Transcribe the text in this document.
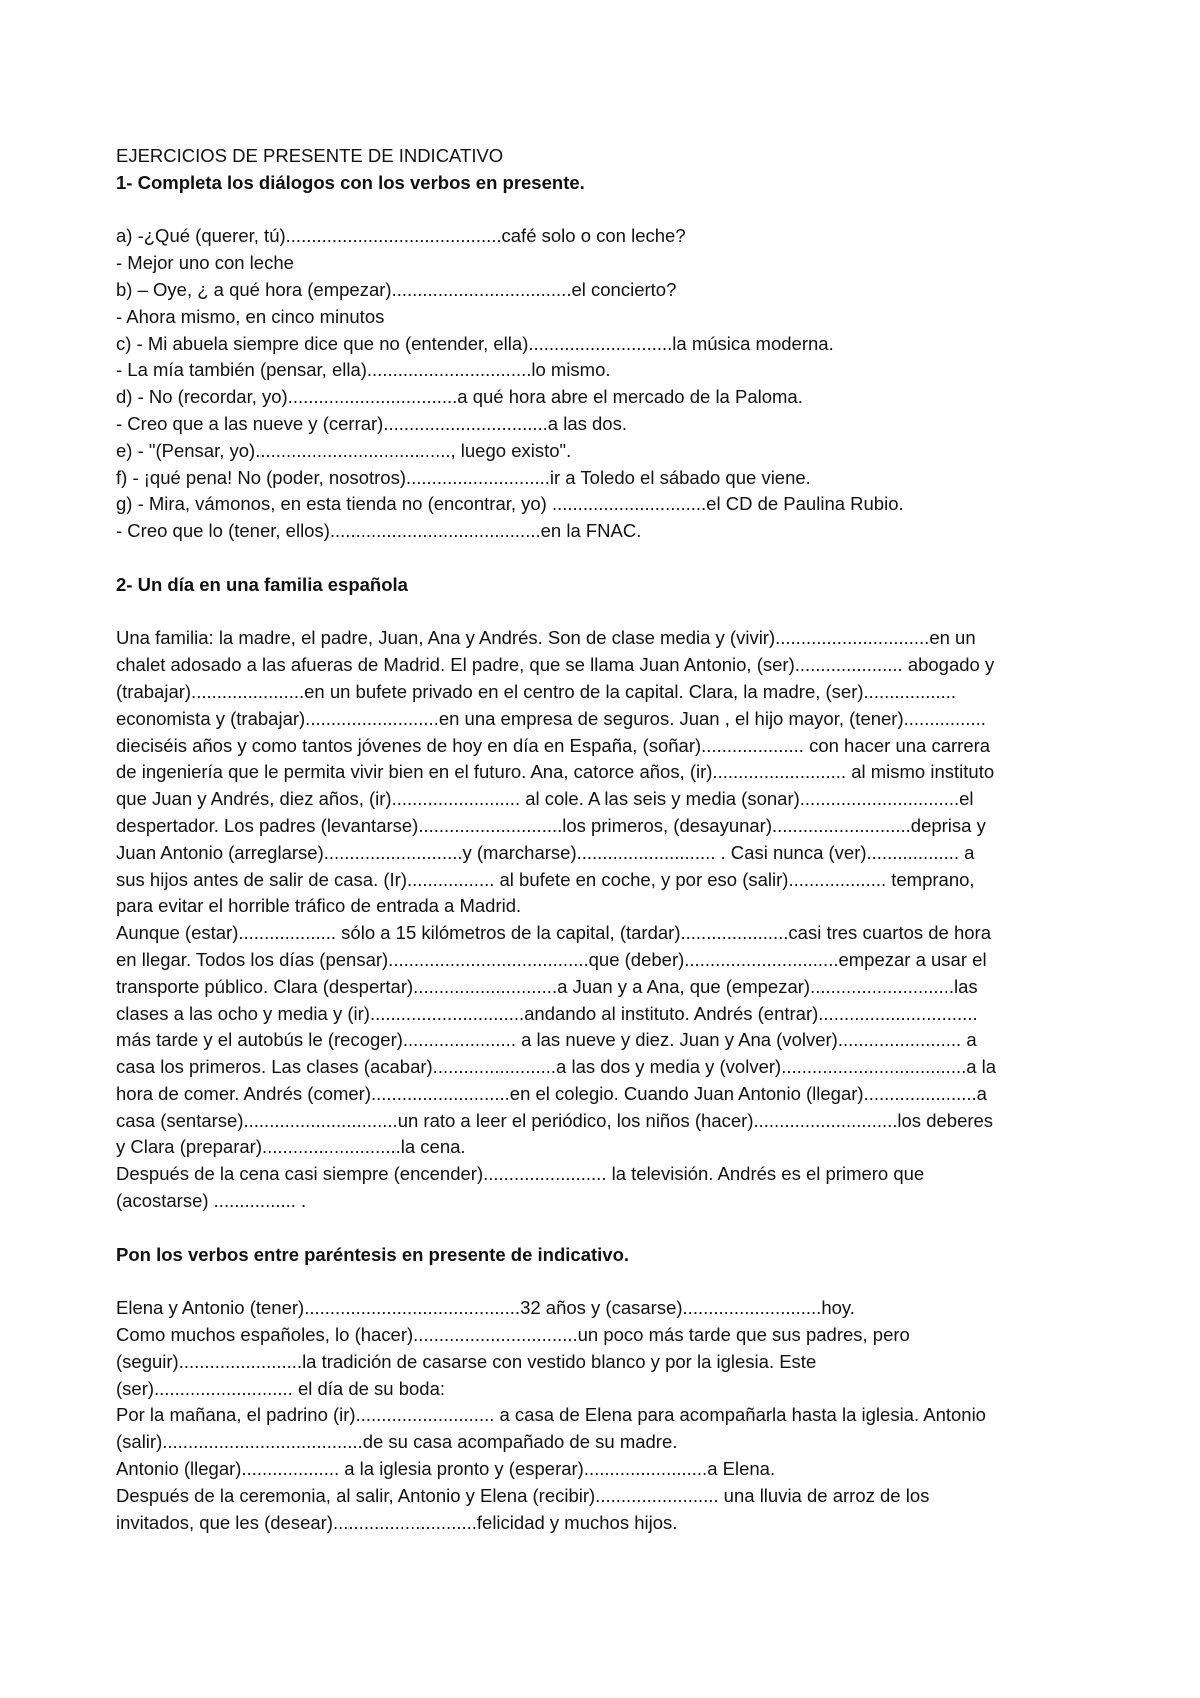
EJERCICIOS DE PRESENTE DE INDICATIVO

1- Completa los diálogos con los verbos en presente.

a) -¿Qué (querer, tú)..........................................café solo o con leche?

- Mejor uno con leche

b) – Oye, ¿ a qué hora (empezar)...................................el concierto?

- Ahora mismo, en cinco minutos

c) - Mi abuela siempre dice que no (entender, ella)............................la música moderna.

- La mía también (pensar, ella)................................lo mismo.

d) - No (recordar, yo).................................a qué hora abre el mercado de la Paloma.

- Creo que a las nueve y (cerrar)................................a las dos.

e) - "(Pensar, yo)......................................, luego existo".

f) - ¡qué pena! No (poder, nosotros)............................ir a Toledo el sábado que viene.

g) - Mira, vámonos, en esta tienda no (encontrar, yo) ..............................el CD de Paulina Rubio.

- Creo que lo (tener, ellos).........................................en la FNAC.

2- Un día en una familia española

Una familia: la madre, el padre, Juan, Ana y Andrés. Son de clase media y (vivir)..............................en un

chalet adosado a las afueras de Madrid. El padre, que se llama Juan Antonio, (ser)..................... abogado y

(trabajar)......................en un bufete privado en el centro de la capital. Clara, la madre, (ser)..................

economista y (trabajar)..........................en una empresa de seguros. Juan , el hijo mayor, (tener)................

dieciséis años y como tantos jóvenes de hoy en día en España, (soñar).................... con hacer una carrera

de ingeniería que le permita vivir bien en el futuro. Ana, catorce años, (ir).......................... al mismo instituto

que Juan y Andrés, diez años, (ir)......................... al cole. A las seis y media (sonar)...............................el

despertador. Los padres (levantarse)............................los primeros, (desayunar)...........................deprisa y

Juan Antonio (arreglarse)...........................y (marcharse)........................... . Casi nunca (ver).................. a

sus hijos antes de salir de casa. (Ir)................. al bufete en coche, y por eso (salir)................... temprano,

para evitar el horrible tráfico de entrada a Madrid.

Aunque (estar)................... sólo a 15 kilómetros de la capital, (tardar).....................casi tres cuartos de hora

en llegar. Todos los días (pensar).......................................que (deber)..............................empezar a usar el

transporte público. Clara (despertar)............................a Juan y a Ana, que (empezar)............................las

clases a las ocho y media y (ir)..............................andando al instituto. Andrés (entrar)...............................

más tarde y el autobús le (recoger)...................... a las nueve y diez. Juan y Ana (volver)........................ a

casa los primeros. Las clases (acabar)........................a las dos y media y (volver)....................................a la

hora de comer. Andrés (comer)...........................en el colegio. Cuando Juan Antonio (llegar)......................a

casa (sentarse)..............................un rato a leer el periódico, los niños (hacer)............................los deberes

y Clara (preparar)...........................la cena.

Después de la cena casi siempre (encender)........................ la televisión. Andrés es el primero que

(acostarse) ................ .

Pon los verbos entre paréntesis en presente de indicativo.

Elena y Antonio (tener)..........................................32 años y (casarse)...........................hoy.

Como muchos españoles, lo (hacer)................................un poco más tarde que sus padres, pero

(seguir)........................la tradición de casarse con vestido blanco y por la iglesia. Este

(ser)........................... el día de su boda:

Por la mañana, el padrino (ir)........................... a casa de Elena para acompañarla hasta la iglesia. Antonio

(salir).......................................de su casa acompañado de su madre.

Antonio (llegar)................... a la iglesia pronto y (esperar)........................a Elena.

Después de la ceremonia, al salir, Antonio y Elena (recibir)........................ una lluvia de arroz de los

invitados, que les (desear)............................felicidad y muchos hijos.
